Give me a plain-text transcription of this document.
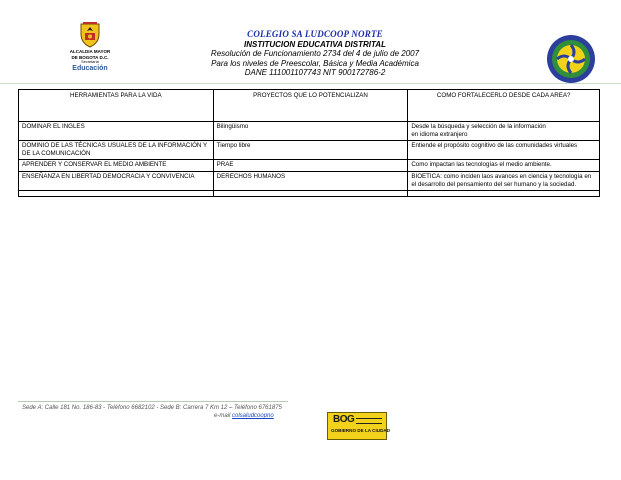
ALCALDIA MAYOR
DE BOGOTA D.C.
Secretaría
Educación
COLEGIO SA LUDCOOP NORTE
INSTITUCION EDUCATIVA DISTRITAL
Resolución de Funcionamiento 2734 del 4 de julio de 2007
Para los niveles de Preescolar, Básica y Media Académica
DANE 111001107743 NIT 900172786-2
HERRAMIENTAS PARA LA VIDA	PROYECTOS QUE LO POTENCIALIZAN	COMO FORTALECERLO DESDE CADA AREA?
DOMINAR EL INGLES	Bilingüismo	Desde la búsqueda y selección de la información
en idioma extranjero

DOMINIO DE LAS TÉCNICAS USUALES DE LA INFORMACIÓN Y DE LA COMUNICACIÓN	Tiempo libre	Entiende el propósito cognitivo de las comunidades virtuales
APRENDER Y CONSERVAR EL MEDIO AMBIENTE	PRAE	Como impactan las tecnologías el medio ambiente.
ENSEÑANZA EN LIBERTAD DEMOCRACIA Y CONVIVENCIA	DERECHOS HUMANOS	BIOETICA: como inciden laos avances en ciencia y tecnología en
el desarrollo del pensamiento del ser humano y la sociedad.

Sede A: Calle 181 No. 186-83 - Teléfono 6682102 - Sede B: Carrera 7 Km 12 – Teléfono 6761875
e-mail colsaludcoopno	BOG
GOBIERNO DE LA CIUDAD
